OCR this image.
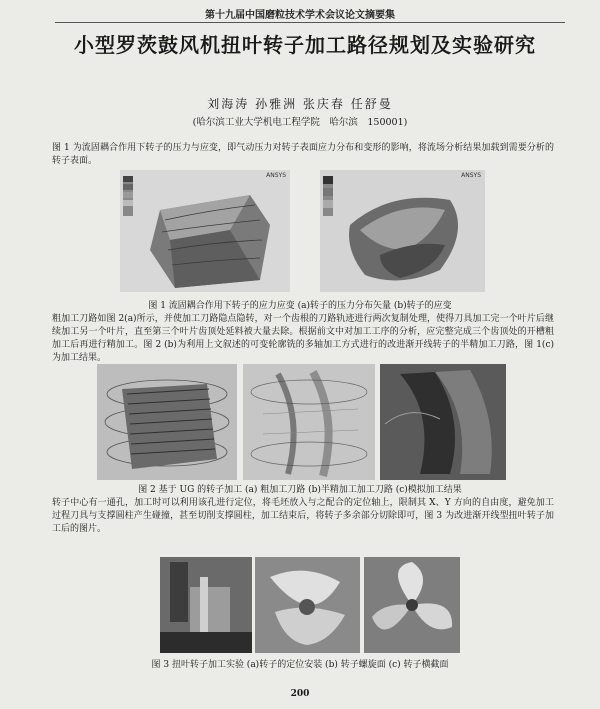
第十九届中国磨粒技术学术会议论文摘要集
小型罗茨鼓风机扭叶转子加工路径规划及实验研究
刘海涛 孙雅洲 张庆春 任舒曼
(哈尔滨工业大学机电工程学院　哈尔滨　150001)

图 1 为流固耦合作用下转子的压力与应变，即气动压力对转子表面应力分布和变形的影响，将流场分析结果加载到需要分析的转子表面。

ANSYS	ANSYS
图 1 流固耦合作用下转子的应力应变 (a)转子的压力分布矢量 (b)转子的应变

粗加工刀路如图 2(a)所示，并使加工刀路隐点隐转，对一个齿根的刀路轨迹进行两次复制处理，使得刀具加工完一个叶片后继续加工另一个叶片，直至第三个叶片齿顶处延料被大量去除。根据前文中对加工工序的分析，应完整完成三个齿顶处的开槽粗加工后再进行精加工。图 2 (b)为利用上文叙述的可变轮廓铣的多轴加工方式进行的改进渐开线转子的半精加工刀路，图 1(c)为加工结果。

图 2 基于 UG 的转子加工 (a) 粗加工刀路 (b)半精加工加工刀路 (c)模拟加工结果

转子中心有一通孔，加工时可以利用该孔进行定位，将毛坯放入与之配合的定位轴上，限制其 X、Y 方向的自由度，避免加工过程刀具与支撑圆柱产生碰撞，甚至切削支撑圆柱，加工结束后，将转子多余部分切除即可，图 3 为改进渐开线型扭叶转子加工后的图片。

图 3 扭叶转子加工实验 (a)转子的定位安装 (b) 转子螺旋面 (c) 转子横截面
200
